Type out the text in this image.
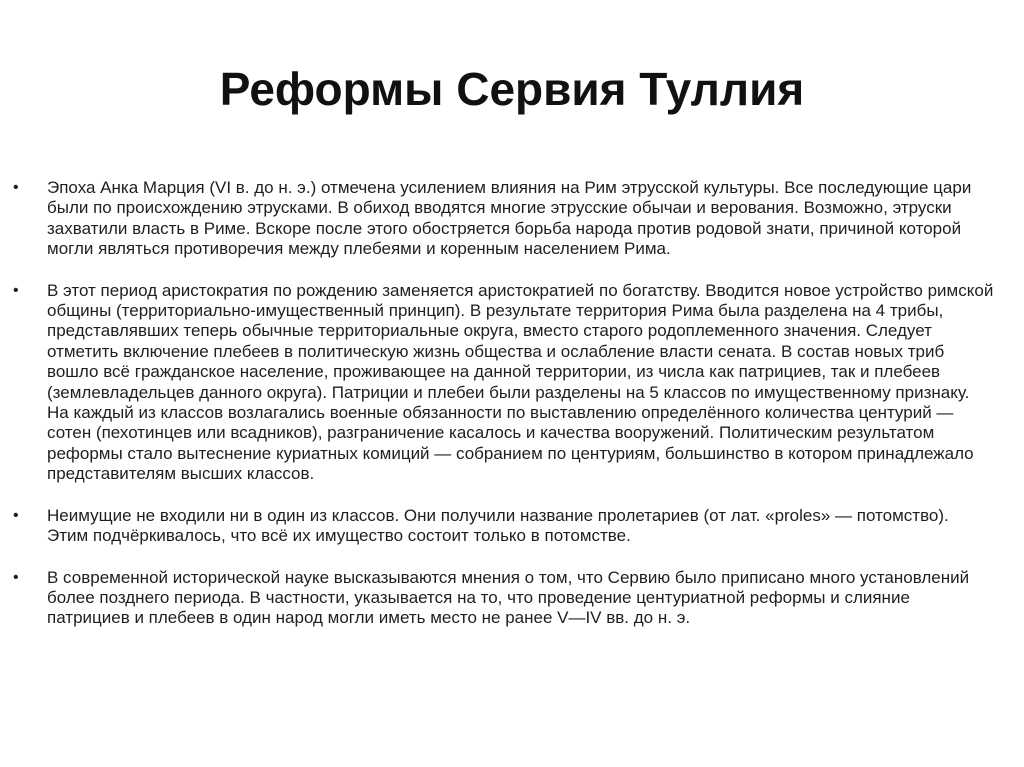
Реформы Сервия Туллия
• Эпоха Анка Марция (VI в. до н. э.) отмечена усилением влияния на Рим этрусской культуры. Все последующие цари были по происхождению этрусками. В обиход вводятся многие этрусские обычаи и верования. Возможно, этруски захватили власть в Риме. Вскоре после этого обостряется борьба народа против родовой знати, причиной которой могли являться противоречия между плебеями и коренным населением Рима.
• В этот период аристократия по рождению заменяется аристократией по богатству. Вводится новое устройство римской общины (территориально-имущественный принцип). В результате территория Рима была разделена на 4 трибы, представлявших теперь обычные территориальные округа, вместо старого родоплеменного значения. Следует отметить включение плебеев в политическую жизнь общества и ослабление власти сената. В состав новых триб вошло всё гражданское население, проживающее на данной территории, из числа как патрициев, так и плебеев (землевладельцев данного округа). Патриции и плебеи были разделены на 5 классов по имущественному признаку. На каждый из классов возлагались военные обязанности по выставлению определённого количества центурий — сотен (пехотинцев или всадников), разграничение касалось и качества вооружений. Политическим результатом реформы стало вытеснение куриатных комиций — собранием по центуриям, большинство в котором принадлежало представителям высших классов.
• Неимущие не входили ни в один из классов. Они получили название пролетариев (от лат. «proles» — потомство). Этим подчёркивалось, что всё их имущество состоит только в потомстве.
• В современной исторической науке высказываются мнения о том, что Сервию было приписано много установлений более позднего периода. В частности, указывается на то, что проведение центуриатной реформы и слияние патрициев и плебеев в один народ могли иметь место не ранее V—IV вв. до н. э.
